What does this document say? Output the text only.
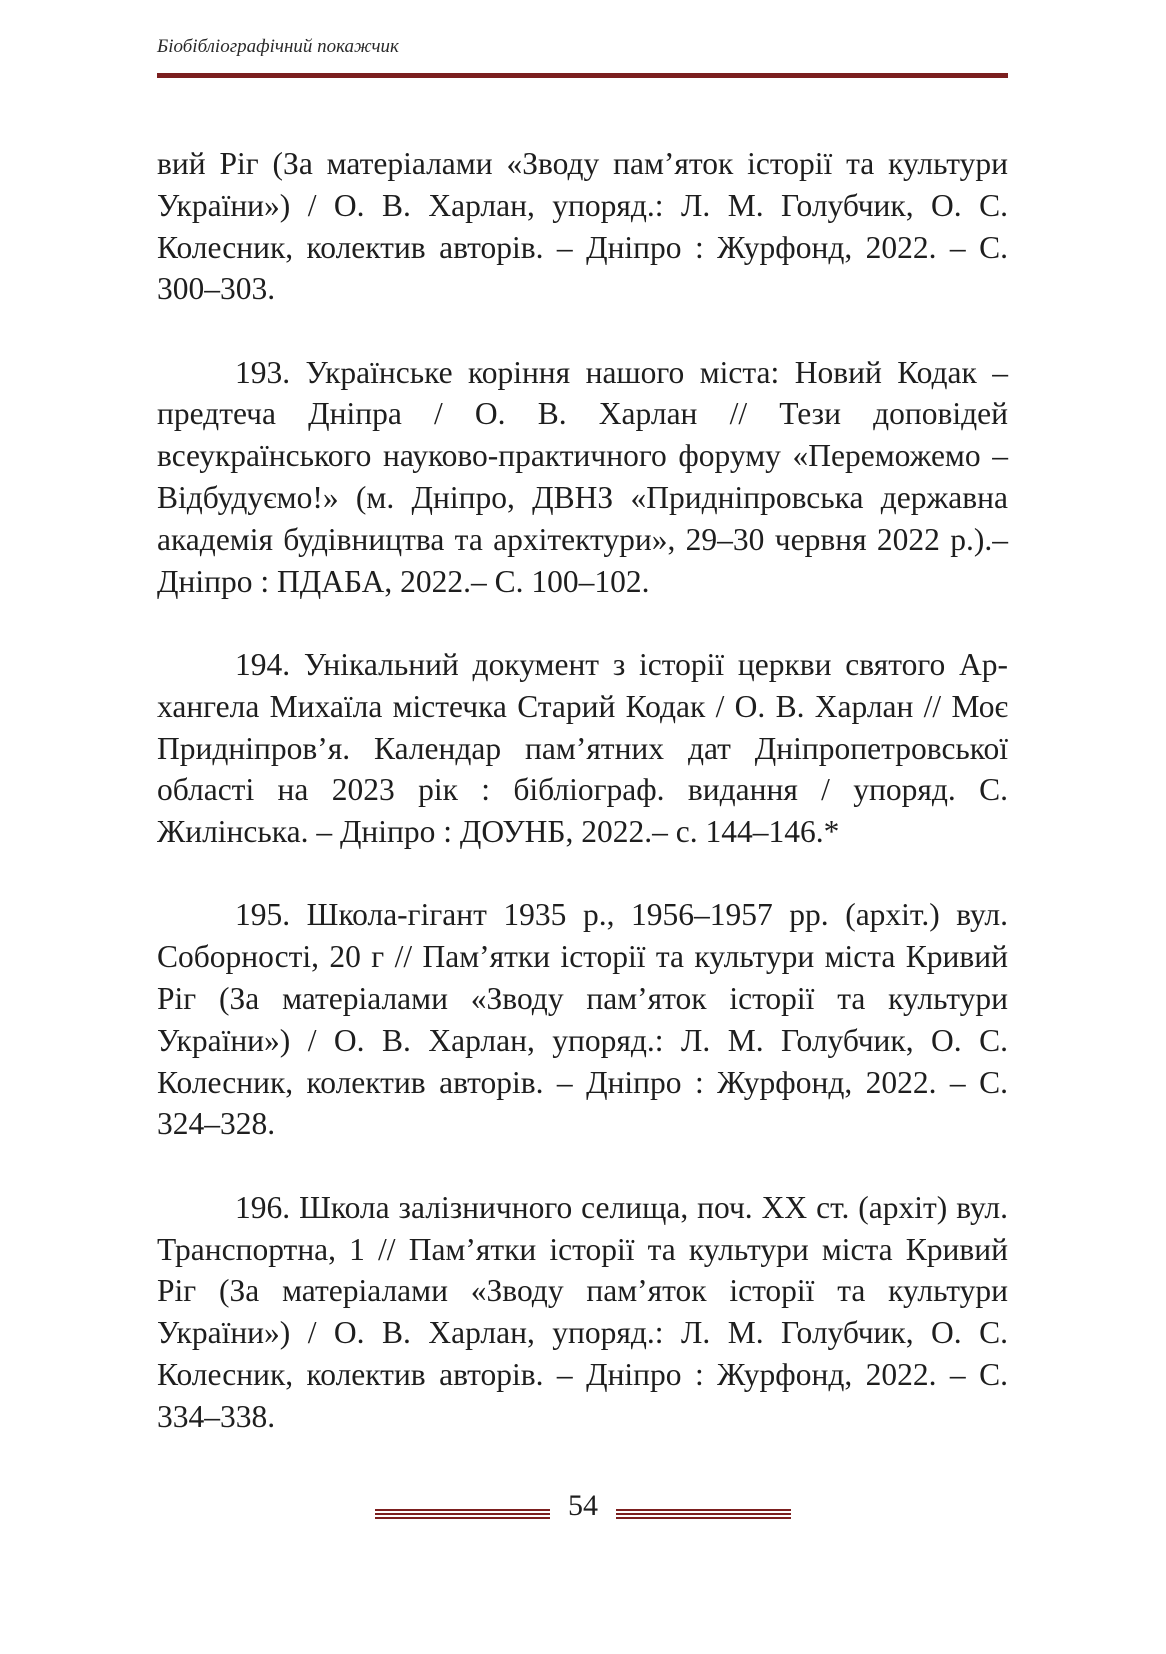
Біобібліографічний покажчик

вий Ріг (За матеріалами «Зводу пам’яток історії та культури України») / О. В. Харлан, упоряд.: Л. М. Голубчик, О. С. Колесник, колектив авторів. – Дніпро : Журфонд, 2022. – С. 300–303.

193. Українське коріння нашого міста: Новий Кодак – предтеча Дніпра / О. В. Харлан // Тези доповідей всеукраїнського науково-практичного форуму «Переможемо – Відбудуємо!» (м. Дніпро, ДВНЗ «Придніпровська державна академія будівництва та архітектури», 29–30 червня 2022 р.).– Дніпро : ПДАБА, 2022.– С. 100–102.

194. Унікальний документ з історії церкви святого Архангела Михаїла містечка Старий Кодак / О. В. Харлан // Моє Придніпров’я. Календар пам’ятних дат Дніпропетровської області на 2023 рік : бібліограф. видання / упоряд. С. Жилінська. – Дніпро : ДОУНБ, 2022.– с. 144–146.*

195. Школа-гігант 1935 р., 1956–1957 рр. (архіт.) вул. Соборності, 20 г // Пам’ятки історії та культури міста Кривий Ріг (За матеріалами «Зводу пам’яток історії та культури України») / О. В. Харлан, упоряд.: Л. М. Голубчик, О. С. Колесник, колектив авторів. – Дніпро : Журфонд, 2022. – С. 324–328.

196. Школа залізничного селища, поч. ХХ ст. (архіт) вул. Транспортна, 1 // Пам’ятки історії та культури міста Кривий Ріг (За матеріалами «Зводу пам’яток історії та культури України») / О. В. Харлан, упоряд.: Л. М. Голубчик, О. С. Колесник, колектив авторів. – Дніпро : Журфонд, 2022. – С. 334–338.

54
